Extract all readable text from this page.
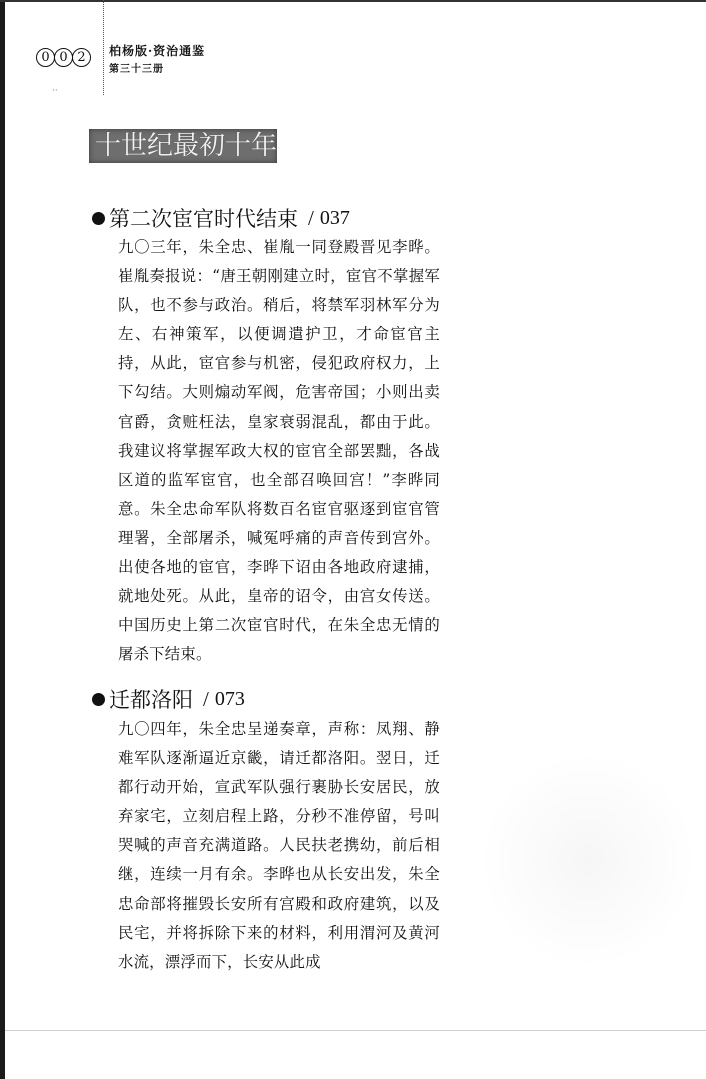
0 0 2	柏杨版·资治通鉴
第三十三册
··
十世纪最初十年
第二次宦官时代结束 / 037
九〇三年，朱全忠、崔胤一同登殿晋见李晔。崔胤奏报说：“唐王朝刚建立时，宦官不掌握军队，也不参与政治。稍后，将禁军羽林军分为左、右神策军，以便调遣护卫，才命宦官主持，从此，宦官参与机密，侵犯政府权力，上下勾结。大则煽动军阀，危害帝国；小则出卖官爵，贪赃枉法，皇家衰弱混乱，都由于此。我建议将掌握军政大权的宦官全部罢黜，各战区道的监军宦官，也全部召唤回宫！”李晔同意。朱全忠命军队将数百名宦官驱逐到宦官管理署，全部屠杀，喊冤呼痛的声音传到宫外。出使各地的宦官，李晔下诏由各地政府逮捕，就地处死。从此，皇帝的诏令，由宫女传送。中国历史上第二次宦官时代，在朱全忠无情的屠杀下结束。
迁都洛阳 / 073
九〇四年，朱全忠呈递奏章，声称：凤翔、静难军队逐渐逼近京畿，请迁都洛阳。翌日，迁都行动开始，宣武军队强行裹胁长安居民，放弃家宅，立刻启程上路，分秒不准停留，号叫哭喊的声音充满道路。人民扶老携幼，前后相继，连续一月有余。李晔也从长安出发，朱全忠命部将摧毁长安所有宫殿和政府建筑，以及民宅，并将拆除下来的材料，利用渭河及黄河水流，漂浮而下，长安从此成
